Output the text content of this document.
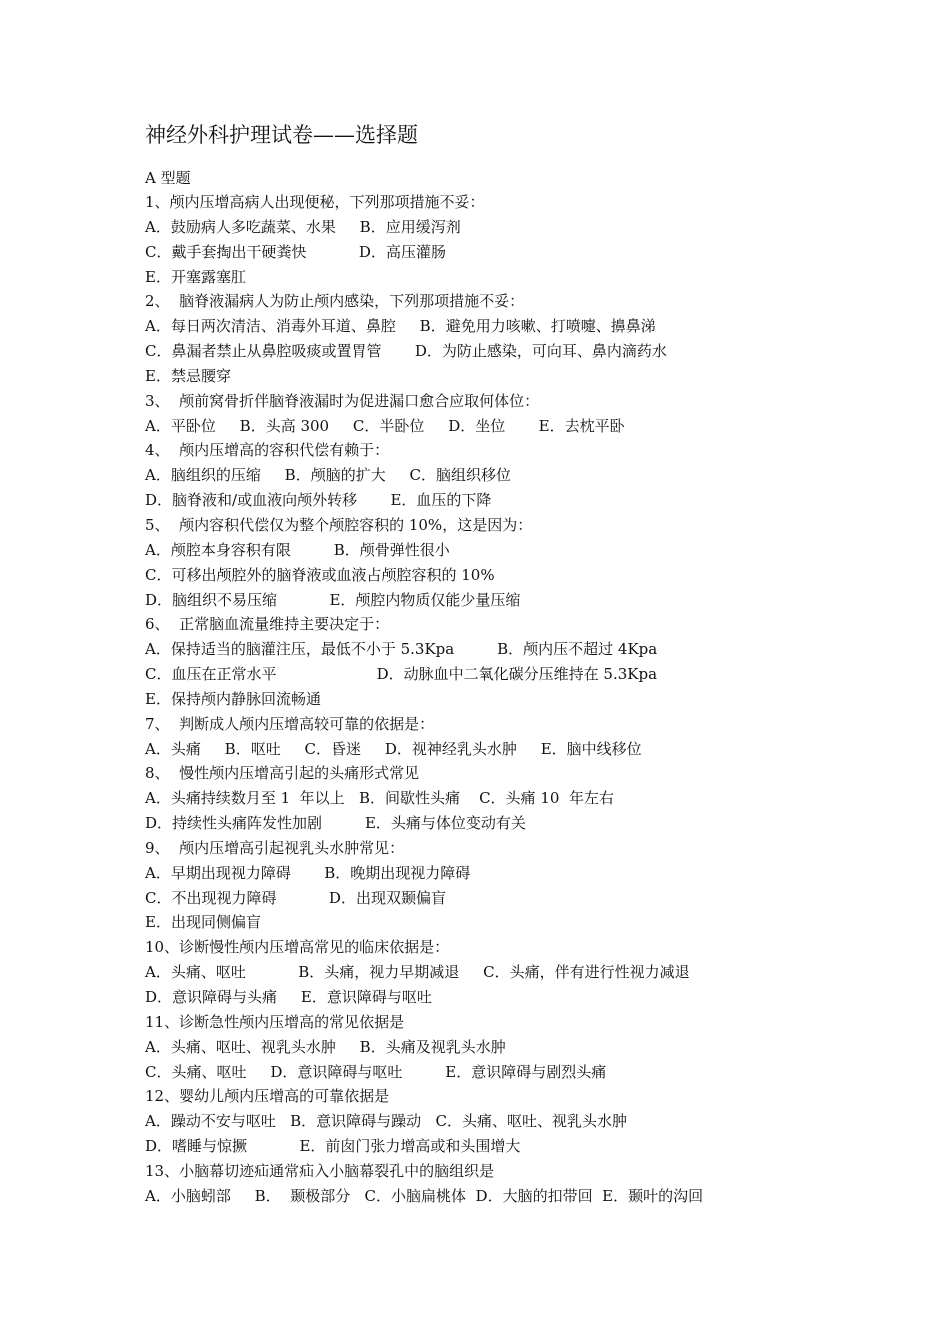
神经外科护理试卷——选择题
A 型题
1、颅内压增高病人出现便秘，下列那项措施不妥：
A．鼓励病人多吃蔬菜、水果     B．应用缓泻剂
C．戴手套掏出干硬粪快           D．高压灌肠
E．开塞露塞肛
2、  脑脊液漏病人为防止颅内感染，下列那项措施不妥：
A．每日两次清洁、消毒外耳道、鼻腔     B．避免用力咳嗽、打喷嚏、擤鼻涕
C．鼻漏者禁止从鼻腔吸痰或置胃管       D．为防止感染，可向耳、鼻内滴药水
E．禁忌腰穿
3、  颅前窝骨折伴脑脊液漏时为促进漏口愈合应取何体位：
A．平卧位     B．头高 300     C．半卧位     D．坐位       E．去枕平卧
4、  颅内压增高的容积代偿有赖于：
A．脑组织的压缩     B．颅脑的扩大     C．脑组织移位
D．脑脊液和/或血液向颅外转移       E．血压的下降
5、  颅内容积代偿仅为整个颅腔容积的 10%，这是因为：
A．颅腔本身容积有限         B．颅骨弹性很小
C．可移出颅腔外的脑脊液或血液占颅腔容积的 10%
D．脑组织不易压缩           E．颅腔内物质仅能少量压缩
6、  正常脑血流量维持主要决定于：
A．保持适当的脑灌注压，最低不小于 5.3Kpa         B．颅内压不超过 4Kpa
C．血压在正常水平                     D．动脉血中二氧化碳分压维持在 5.3Kpa
E．保持颅内静脉回流畅通
7、  判断成人颅内压增高较可靠的依据是：
A．头痛     B．呕吐     C．昏迷     D．视神经乳头水肿     E．脑中线移位
8、  慢性颅内压增高引起的头痛形式常见
A．头痛持续数月至 1  年以上   B．间歇性头痛    C．头痛 10  年左右
D．持续性头痛阵发性加剧         E．头痛与体位变动有关
9、  颅内压增高引起视乳头水肿常见：
A．早期出现视力障碍       B．晚期出现视力障碍
C．不出现视力障碍           D．出现双颞偏盲
E．出现同侧偏盲
10、诊断慢性颅内压增高常见的临床依据是：
A．头痛、呕吐           B．头痛，视力早期减退     C．头痛，伴有进行性视力减退
D．意识障碍与头痛     E．意识障碍与呕吐
11、诊断急性颅内压增高的常见依据是
A．头痛、呕吐、视乳头水肿     B．头痛及视乳头水肿
C．头痛、呕吐     D．意识障碍与呕吐         E．意识障碍与剧烈头痛
12、婴幼儿颅内压增高的可靠依据是
A．躁动不安与呕吐   B．意识障碍与躁动   C．头痛、呕吐、视乳头水肿
D．嗜睡与惊撅           E．前囱门张力增高或和头围增大
13、小脑幕切迹疝通常疝入小脑幕裂孔中的脑组织是
A．小脑蚓部     B．  颞极部分   C．小脑扁桃体  D．大脑的扣带回  E．颞叶的沟回
